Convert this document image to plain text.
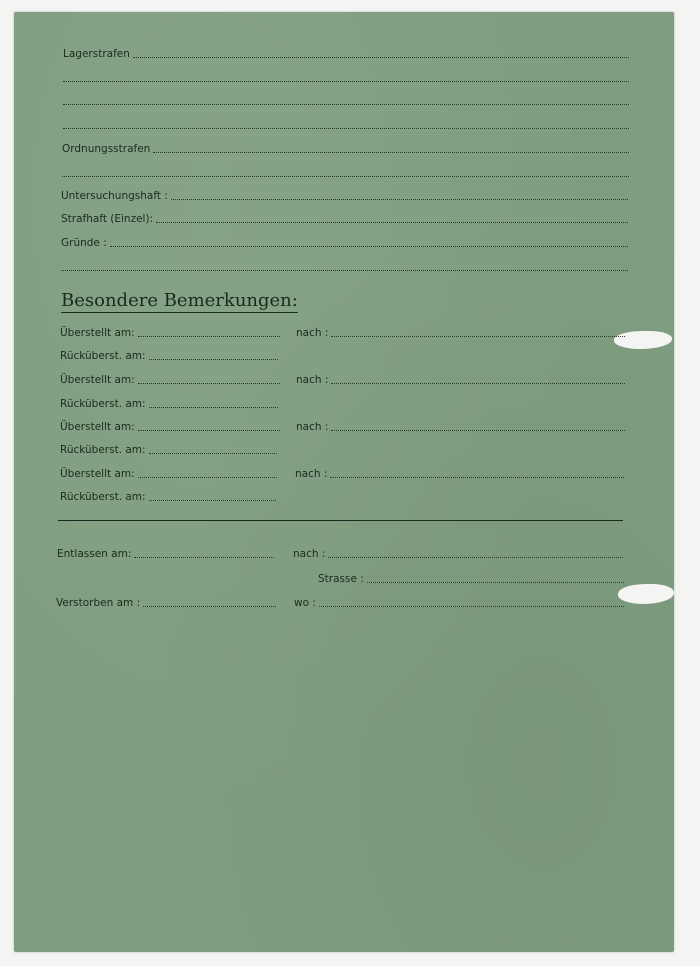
Lagerstrafen
Ordnungsstrafen
Untersuchungshaft :
Strafhaft (Einzel):
Gründe :
Besondere Bemerkungen:
Überstellt am:	nach :
Rücküberst. am:
Überstellt am:	nach :
Rücküberst. am:
Überstellt am:	nach :
Rücküberst. am:
Überstellt am:	nach :
Rücküberst. am:
Entlassen am:	nach :
Strasse :
Verstorben am :	wo :
